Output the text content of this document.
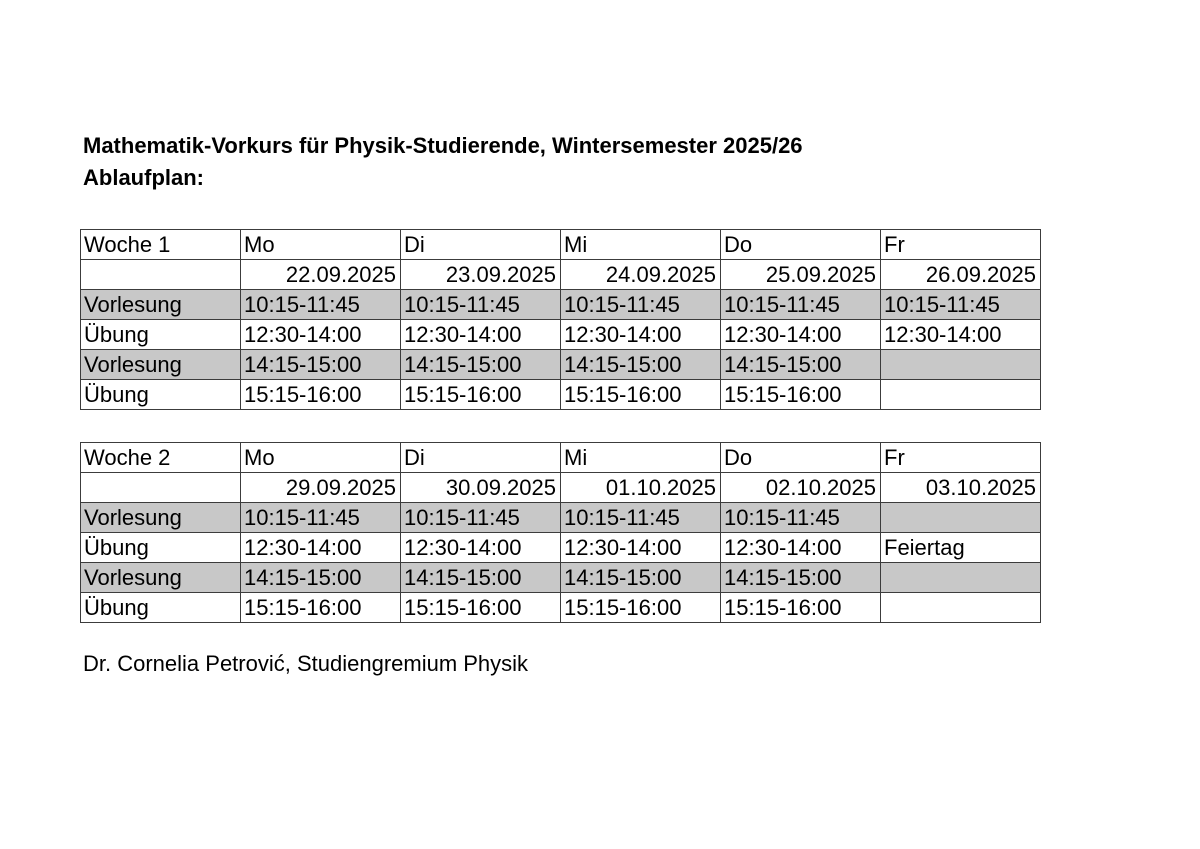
Mathematik-Vorkurs für Physik-Studierende, Wintersemester 2025/26
Ablaufplan:
Woche 1	Mo	Di	Mi	Do	Fr
	22.09.2025	23.09.2025	24.09.2025	25.09.2025	26.09.2025
Vorlesung	10:15-11:45	10:15-11:45	10:15-11:45	10:15-11:45	10:15-11:45
Übung	12:30-14:00	12:30-14:00	12:30-14:00	12:30-14:00	12:30-14:00
Vorlesung	14:15-15:00	14:15-15:00	14:15-15:00	14:15-15:00	
Übung	15:15-16:00	15:15-16:00	15:15-16:00	15:15-16:00	
Woche 2	Mo	Di	Mi	Do	Fr
	29.09.2025	30.09.2025	01.10.2025	02.10.2025	03.10.2025
Vorlesung	10:15-11:45	10:15-11:45	10:15-11:45	10:15-11:45	
Übung	12:30-14:00	12:30-14:00	12:30-14:00	12:30-14:00	Feiertag
Vorlesung	14:15-15:00	14:15-15:00	14:15-15:00	14:15-15:00	
Übung	15:15-16:00	15:15-16:00	15:15-16:00	15:15-16:00	
Dr. Cornelia Petrović, Studiengremium Physik
